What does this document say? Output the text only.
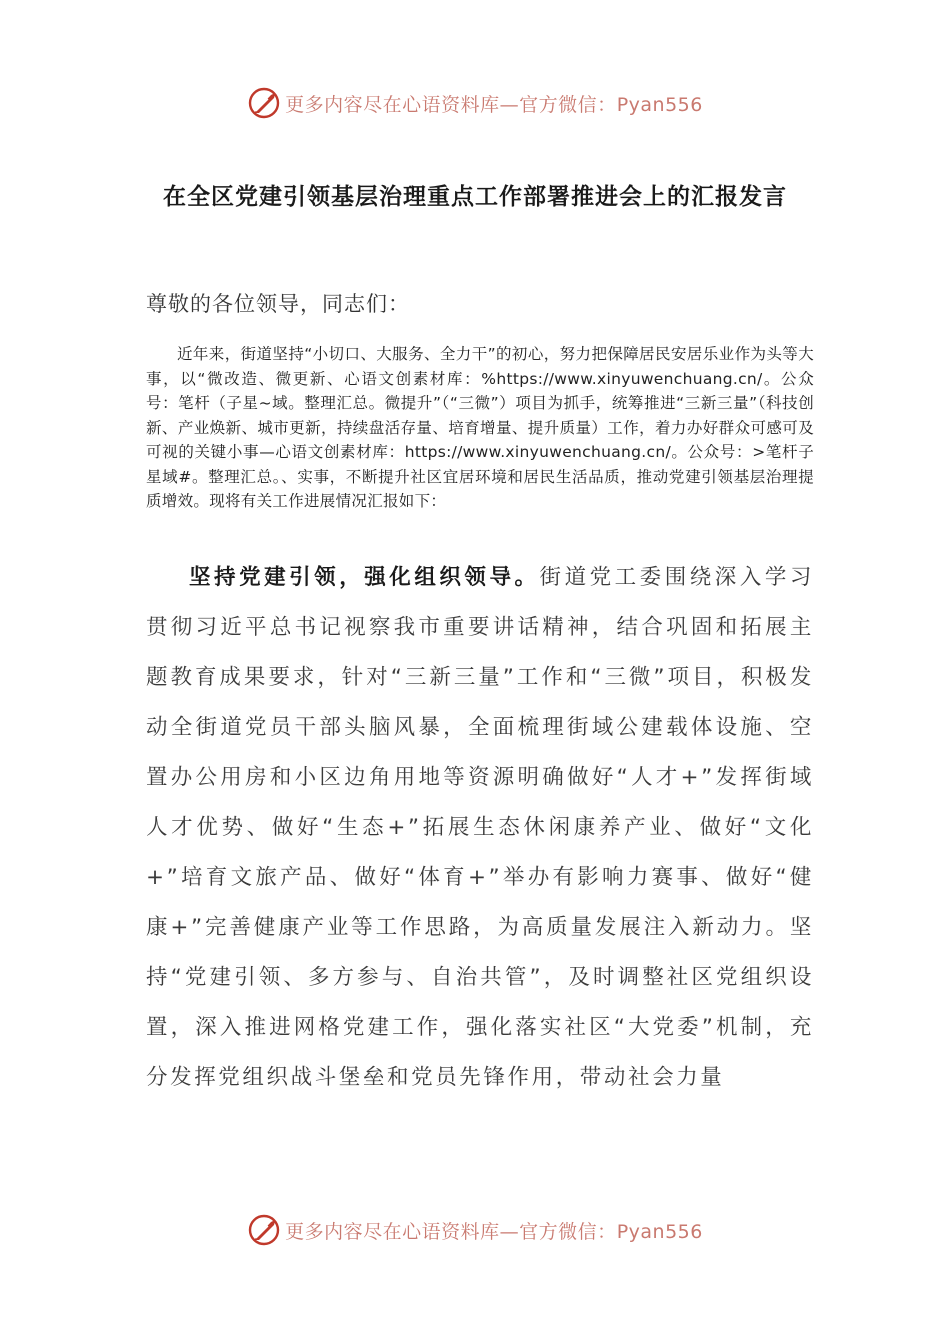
更多内容尽在心语资料库—官方微信：Pyan556
在全区党建引领基层治理重点工作部署推进会上的汇报发言

尊敬的各位领导，同志们：

近年来，街道坚持“小切口、大服务、全力干”的初心，努力把保障居民安居乐业作为头等大事，以“微改造、微更新、心语文创素材库：%https://www.xinyuwenchuang.cn/。公众号：笔杆（子星~域。整理汇总。微提升”（“三微”）项目为抓手，统筹推进“三新三量”（科技创新、产业焕新、城市更新，持续盘活存量、培育增量、提升质量）工作，着力办好群众可感可及可视的关键小事—心语文创素材库：https://www.xinyuwenchuang.cn/。公众号：>笔杆子星域#。整理汇总。、实事，不断提升社区宜居环境和居民生活品质，推动党建引领基层治理提质增效。现将有关工作进展情况汇报如下：

坚持党建引领，强化组织领导。街道党工委围绕深入学习贯彻习近平总书记视察我市重要讲话精神，结合巩固和拓展主题教育成果要求，针对“三新三量”工作和“三微”项目，积极发动全街道党员干部头脑风暴，全面梳理街域公建载体设施、空置办公用房和小区边角用地等资源明确做好“人才+”发挥街域人才优势、做好“生态+”拓展生态休闲康养产业、做好“文化+”培育文旅产品、做好“体育+”举办有影响力赛事、做好“健康+”完善健康产业等工作思路，为高质量发展注入新动力。坚持“党建引领、多方参与、自治共管”，及时调整社区党组织设置，深入推进网格党建工作，强化落实社区“大党委”机制，充分发挥党组织战斗堡垒和党员先锋作用，带动社会力量

更多内容尽在心语资料库—官方微信：Pyan556
